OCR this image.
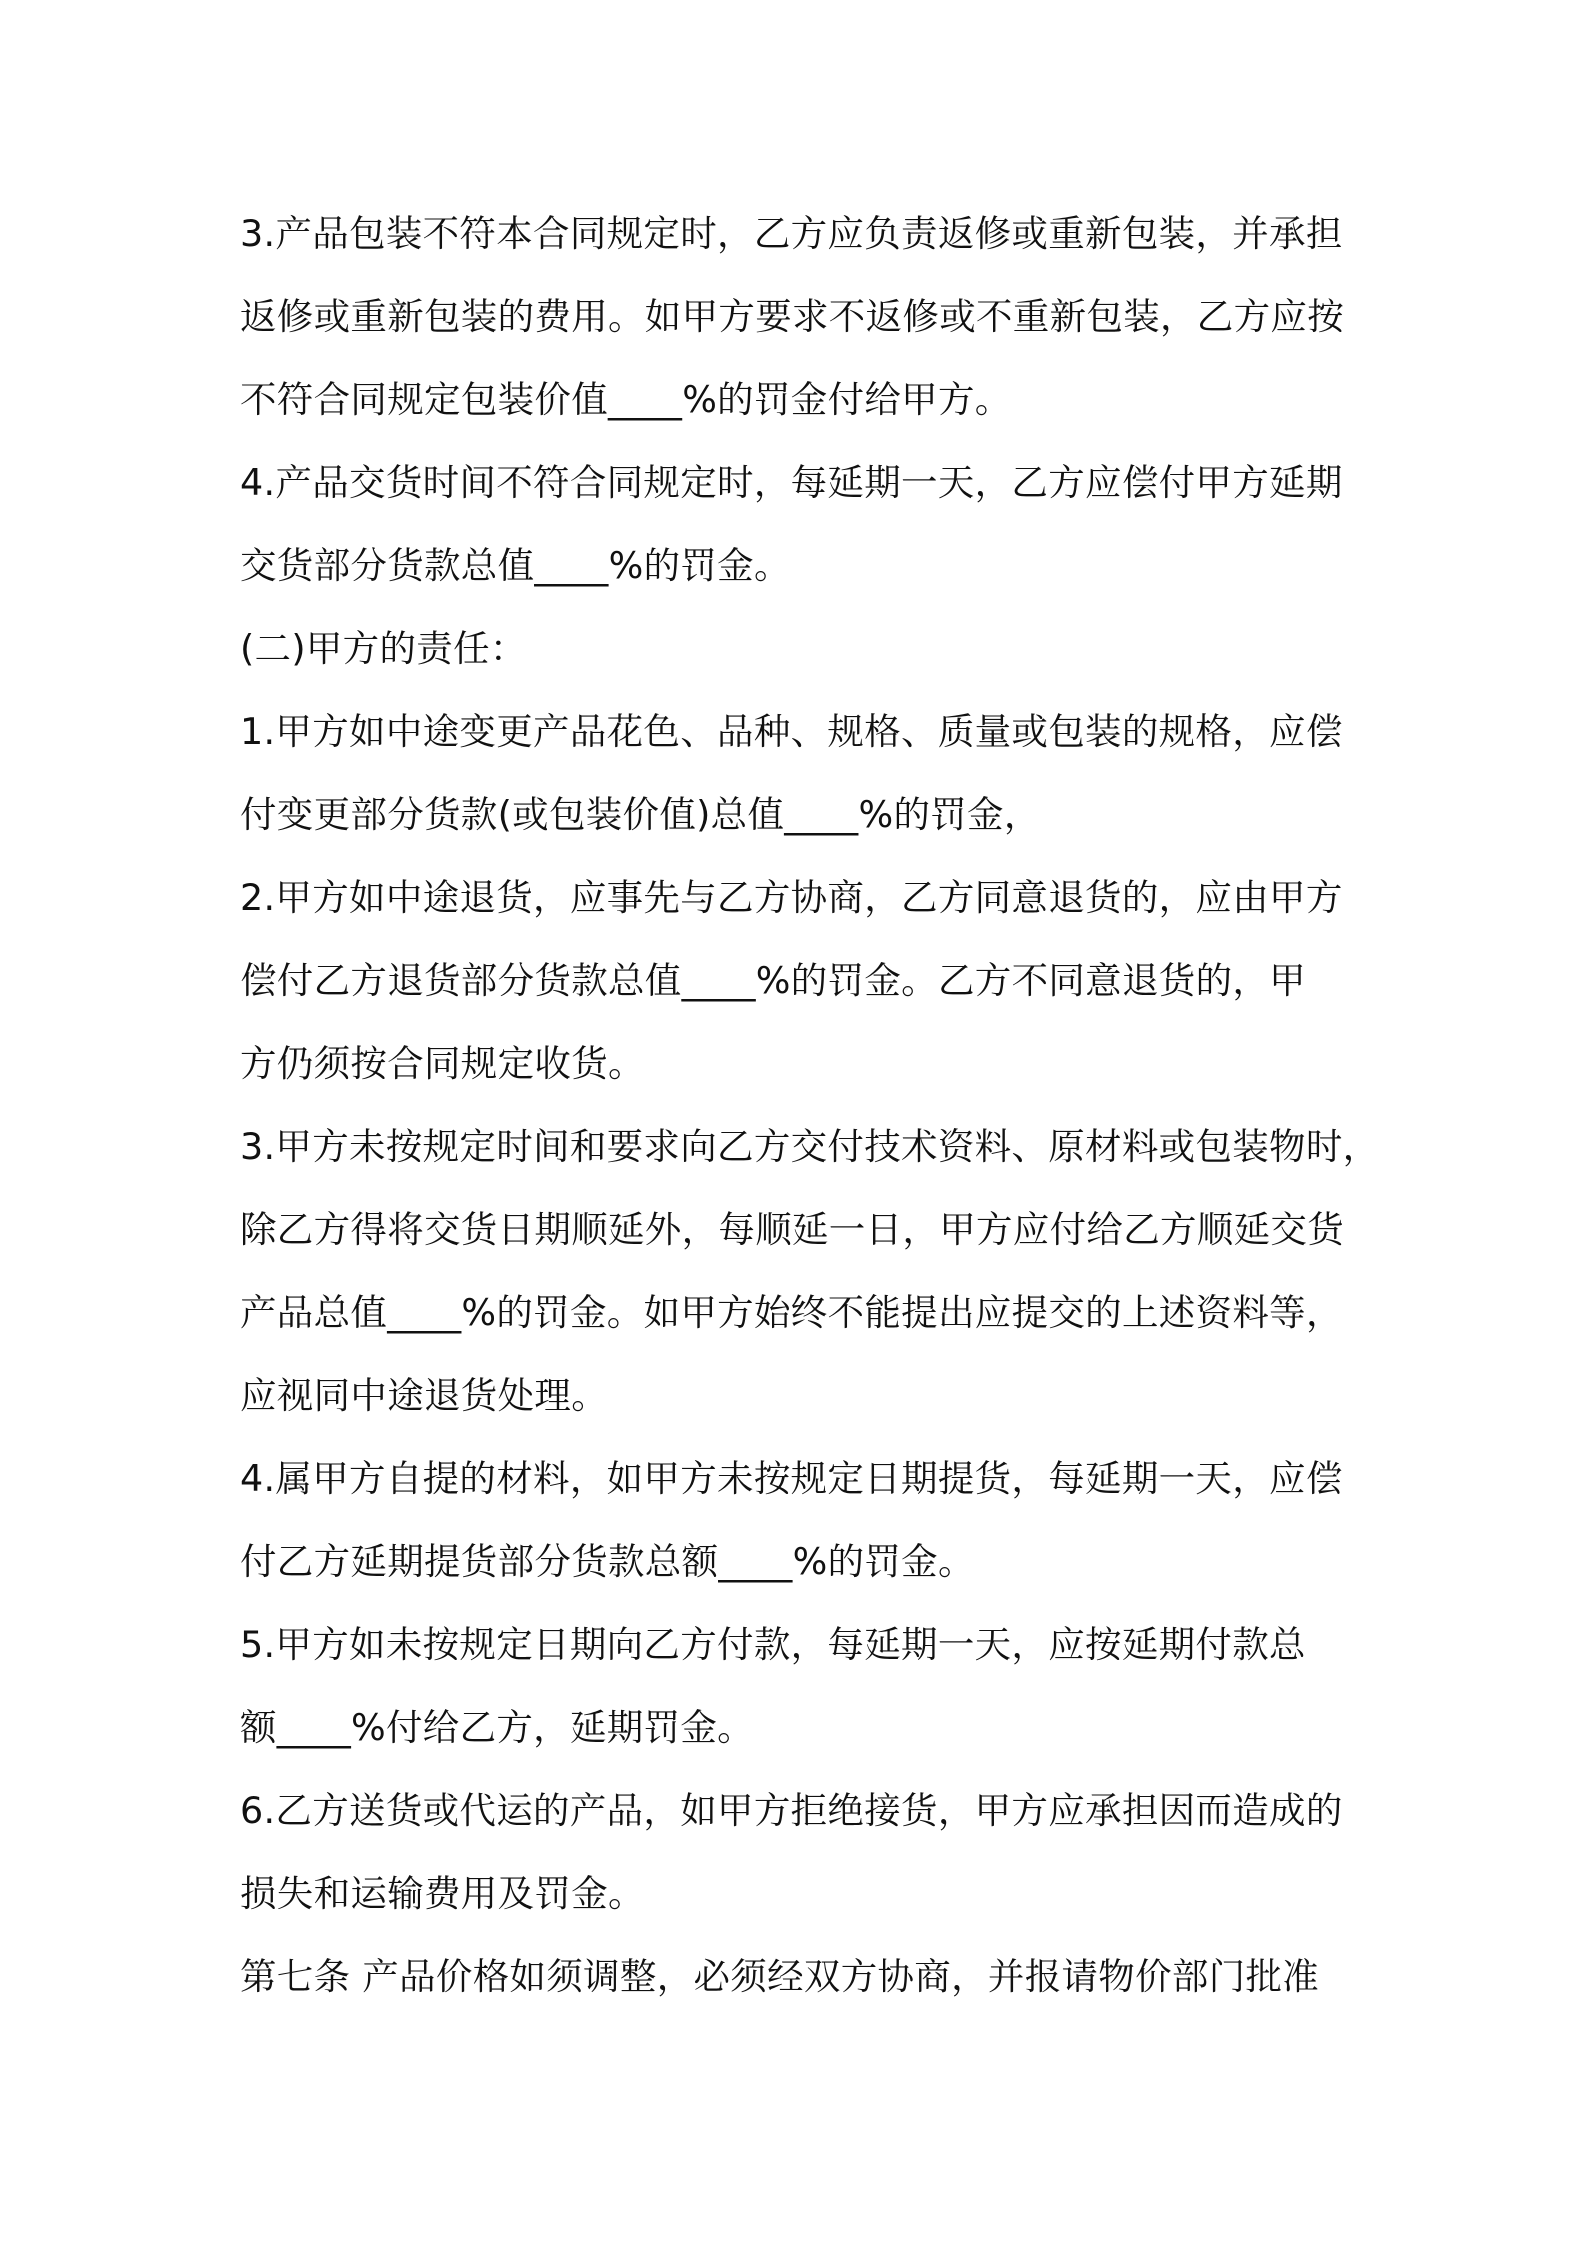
3.产品包装不符本合同规定时，乙方应负责返修或重新包装，并承担
返修或重新包装的费用。如甲方要求不返修或不重新包装，乙方应按
不符合同规定包装价值____%的罚金付给甲方。
4.产品交货时间不符合同规定时，每延期一天，乙方应偿付甲方延期
交货部分货款总值____%的罚金。
(二)甲方的责任：
1.甲方如中途变更产品花色、品种、规格、质量或包装的规格，应偿
付变更部分货款(或包装价值)总值____%的罚金，
2.甲方如中途退货，应事先与乙方协商，乙方同意退货的，应由甲方
偿付乙方退货部分货款总值____%的罚金。乙方不同意退货的，甲
方仍须按合同规定收货。
3.甲方未按规定时间和要求向乙方交付技术资料、原材料或包装物时，
除乙方得将交货日期顺延外，每顺延一日，甲方应付给乙方顺延交货
产品总值____%的罚金。如甲方始终不能提出应提交的上述资料等，
应视同中途退货处理。
4.属甲方自提的材料，如甲方未按规定日期提货，每延期一天，应偿
付乙方延期提货部分货款总额____%的罚金。
5.甲方如未按规定日期向乙方付款，每延期一天，应按延期付款总
额____%付给乙方，延期罚金。
6.乙方送货或代运的产品，如甲方拒绝接货，甲方应承担因而造成的
损失和运输费用及罚金。
第七条 产品价格如须调整，必须经双方协商，并报请物价部门批准
